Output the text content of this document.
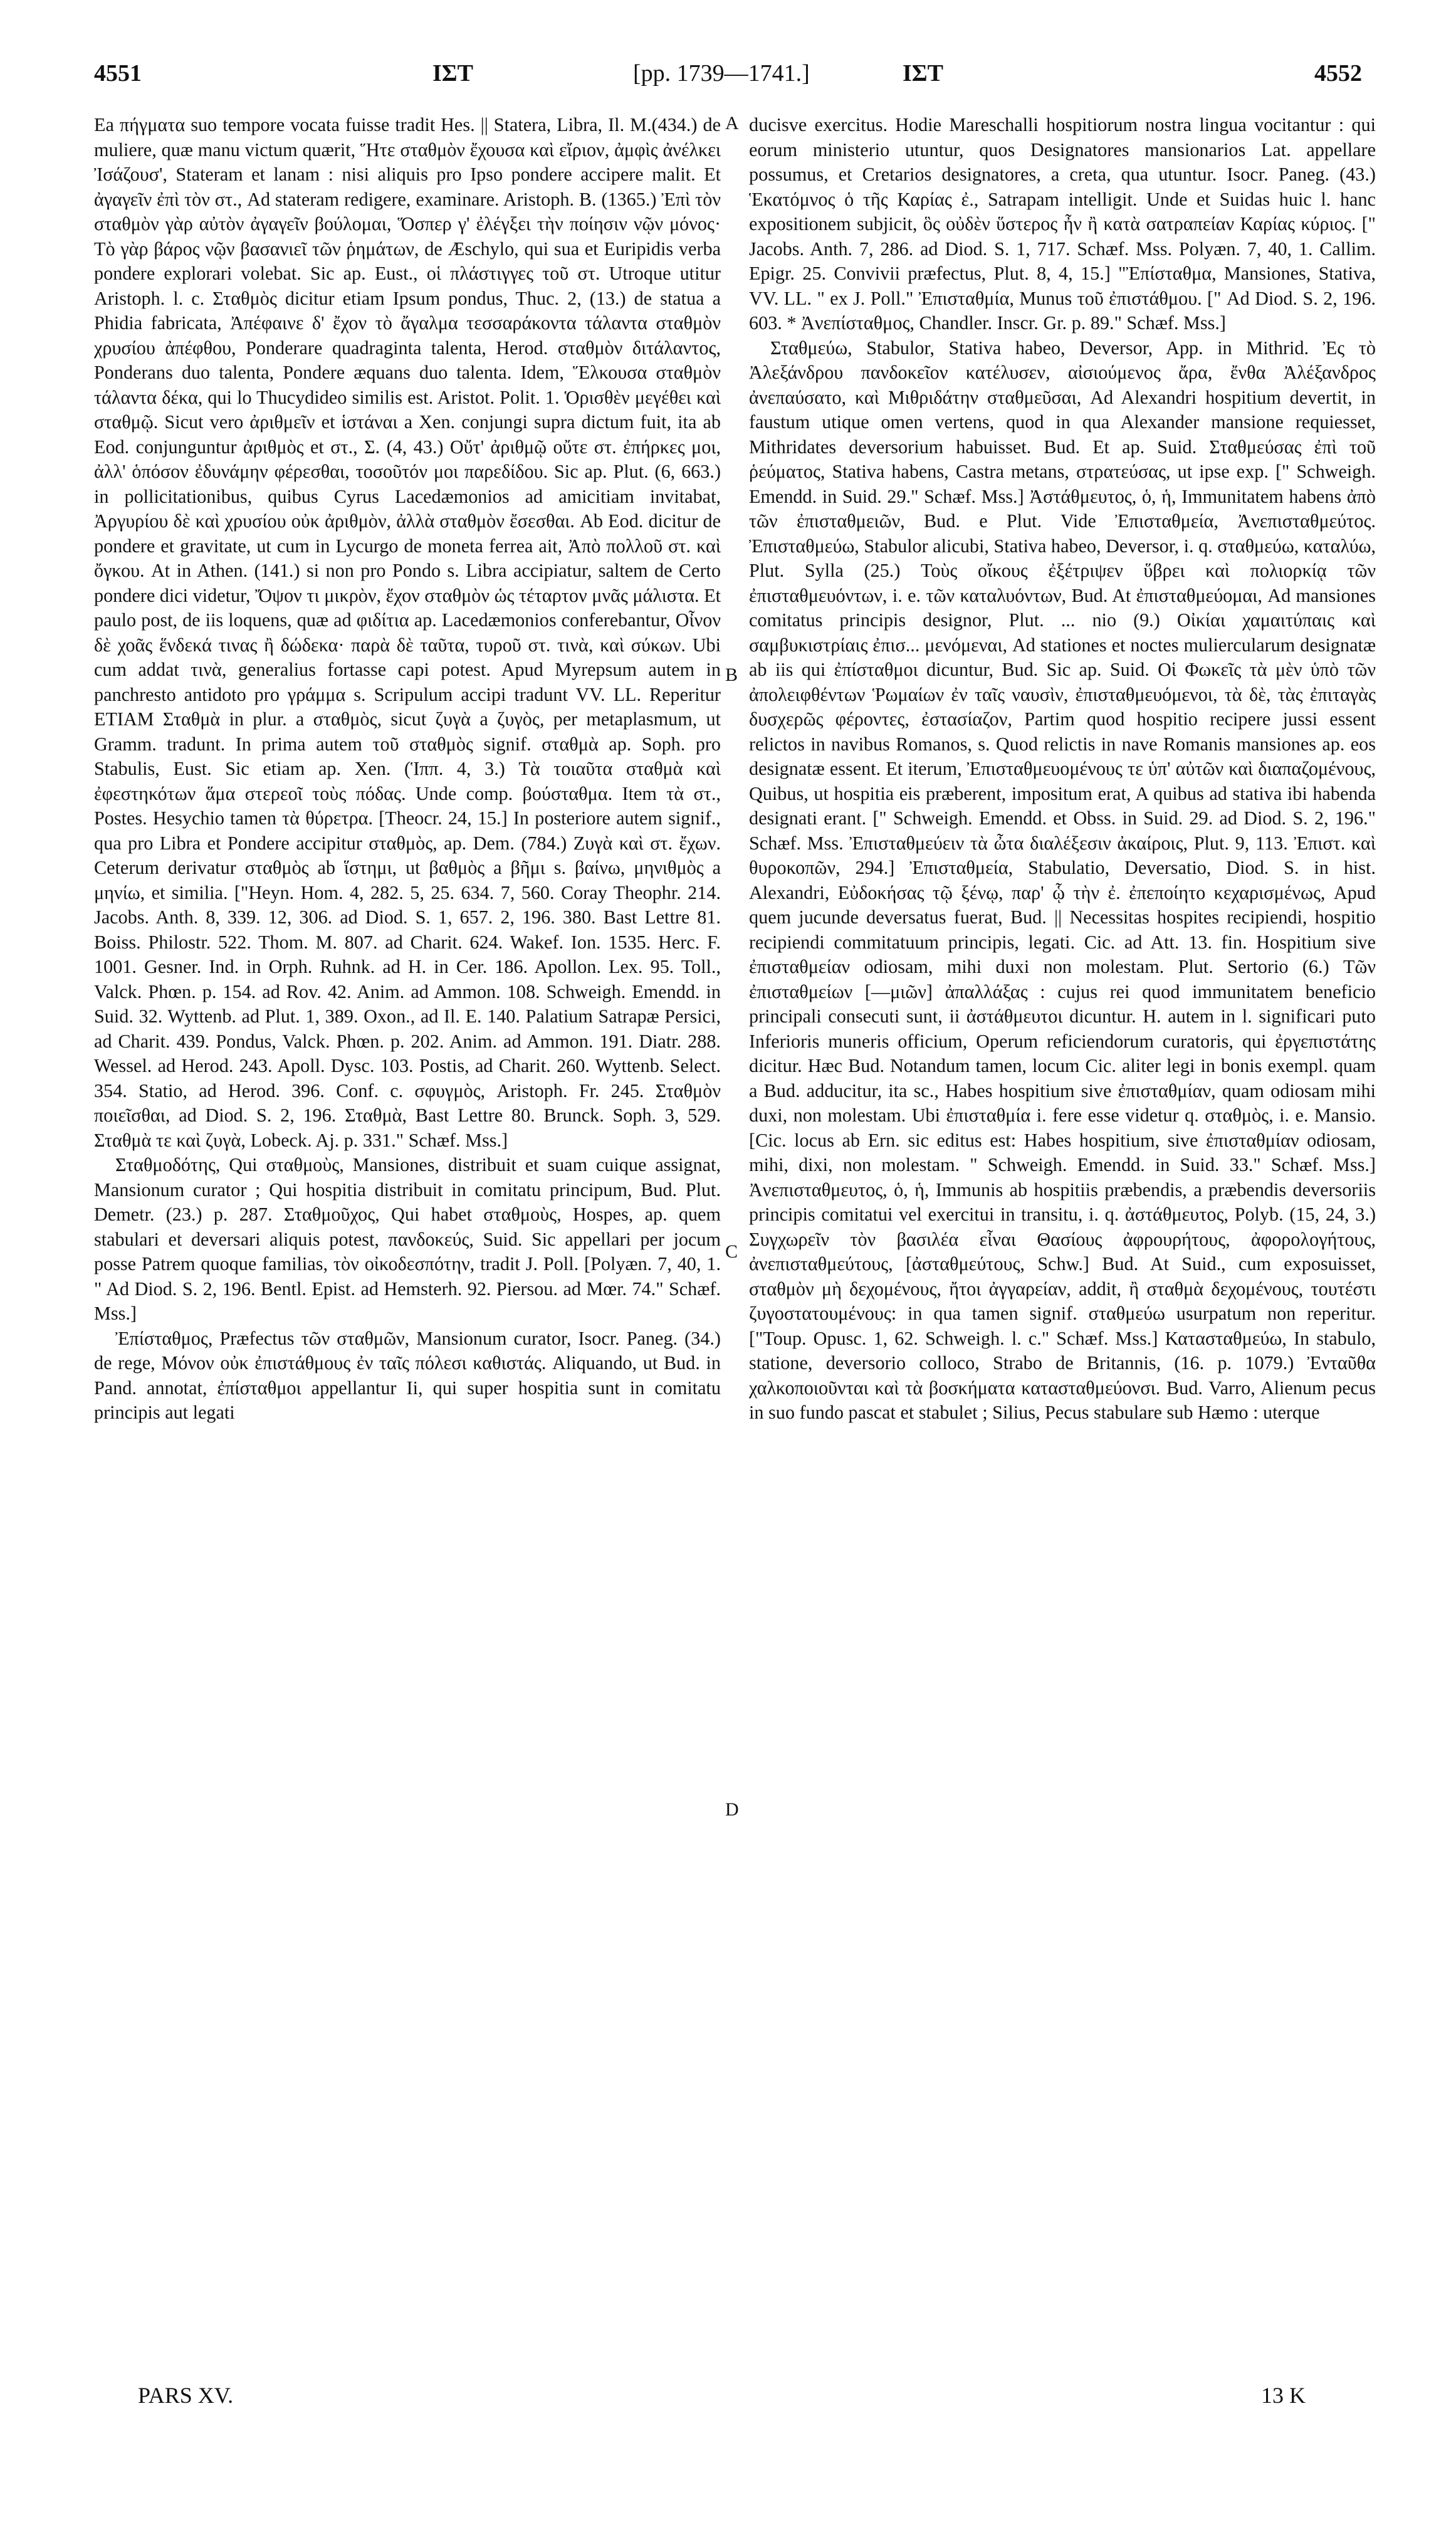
4551	ΙΣΤ	[pp. 1739—1741.]	ΙΣΤ	4552

Ea πήγματα suo tempore vocata fuisse tradit Hes. || Statera, Libra, Il. M.(434.) de muliere, quæ manu victum quærit, Ἥτε σταθμὸν ἔχουσα καὶ εἴριον, ἀμφὶς ἀνέλκει Ἰσάζουσ', Stateram et lanam : nisi aliquis pro Ipso pondere accipere malit. Et ἀγαγεῖν ἐπὶ τὸν στ., Ad stateram redigere, examinare. Aristoph. B. (1365.) Ἐπὶ τὸν σταθμὸν γὰρ αὐτὸν ἀγαγεῖν βούλομαι, Ὅσπερ γ' ἐλέγξει τὴν ποίησιν νῷν μόνος· Τὸ γὰρ βάρος νῷν βασανιεῖ τῶν ῥημάτων, de Æschylo, qui sua et Euripidis verba pondere explorari volebat. Sic ap. Eust., οἱ πλάστιγγες τοῦ στ. Utroque utitur Aristoph. l. c. Σταθμὸς dicitur etiam Ipsum pondus, Thuc. 2, (13.) de statua a Phidia fabricata, Ἀπέφαινε δ' ἔχον τὸ ἄγαλμα τεσσαράκοντα τάλαντα σταθμὸν χρυσίου ἀπέφθου, Ponderare quadraginta talenta, Herod. σταθμὸν διτάλαντος, Ponderans duo talenta, Pondere æquans duo talenta. Idem, Ἕλκουσα σταθμὸν τάλαντα δέκα, qui lo Thucydideo similis est. Aristot. Polit. 1. Ὁρισθὲν μεγέθει καὶ σταθμῷ. Sicut vero ἀριθμεῖν et ἱστάναι a Xen. conjungi supra dictum fuit, ita ab Eod. conjunguntur ἀριθμὸς et στ., Σ. (4, 43.) Οὔτ' ἀριθμῷ οὔτε στ. ἐπήρκες μοι, ἀλλ' ὁπόσον ἐδυνάμην φέρεσθαι, τοσοῦτόν μοι παρεδίδου. Sic ap. Plut. (6, 663.) in pollicitationibus, quibus Cyrus Lacedæmonios ad amicitiam invitabat, Ἀργυρίου δὲ καὶ χρυσίου οὐκ ἀριθμὸν, ἀλλὰ σταθμὸν ἔσεσθαι. Ab Eod. dicitur de pondere et gravitate, ut cum in Lycurgo de moneta ferrea ait, Ἀπὸ πολλοῦ στ. καὶ ὄγκου. At in Athen. (141.) si non pro Pondo s. Libra accipiatur, saltem de Certo pondere dici videtur, Ὄψον τι μικρὸν, ἔχον σταθμὸν ὡς τέταρτον μνᾶς μάλιστα. Et paulo post, de iis loquens, quæ ad φιδίτια ap. Lacedæmonios conferebantur, Οἶνον δὲ χοᾶς ἕνδεκά τινας ἢ δώδεκα· παρὰ δὲ ταῦτα, τυροῦ στ. τινὰ, καὶ σύκων. Ubi cum addat τινὰ, generalius fortasse capi potest. Apud Myrepsum autem in panchresto antidoto pro γράμμα s. Scripulum accipi tradunt VV. LL. Reperitur ETIAM Σταθμὰ in plur. a σταθμὸς, sicut ζυγὰ a ζυγὸς, per metaplasmum, ut Gramm. tradunt. In prima autem τοῦ σταθμὸς signif. σταθμὰ ap. Soph. pro Stabulis, Eust. Sic etiam ap. Xen. (Ἱππ. 4, 3.) Τὰ τοιαῦτα σταθμὰ καὶ ἐφεστηκότων ἅμα στερεοῖ τοὺς πόδας. Unde comp. βούσταθμα. Item τὰ στ., Postes. Hesychio tamen τὰ θύρετρα. [Theocr. 24, 15.] In posteriore autem signif., qua pro Libra et Pondere accipitur σταθμὸς, ap. Dem. (784.) Ζυγὰ καὶ στ. ἔχων. Ceterum derivatur σταθμὸς ab ἵστημι, ut βαθμὸς a βῆμι s. βαίνω, μηνιθμὸς a μηνίω, et similia. ["Heyn. Hom. 4, 282. 5, 25. 634. 7, 560. Coray Theophr. 214. Jacobs. Anth. 8, 339. 12, 306. ad Diod. S. 1, 657. 2, 196. 380. Bast Lettre 81. Boiss. Philostr. 522. Thom. M. 807. ad Charit. 624. Wakef. Ion. 1535. Herc. F. 1001. Gesner. Ind. in Orph. Ruhnk. ad H. in Cer. 186. Apollon. Lex. 95. Toll., Valck. Phœn. p. 154. ad Rov. 42. Anim. ad Ammon. 108. Schweigh. Emendd. in Suid. 32. Wyttenb. ad Plut. 1, 389. Oxon., ad Il. E. 140. Palatium Satrapæ Persici, ad Charit. 439. Pondus, Valck. Phœn. p. 202. Anim. ad Ammon. 191. Diatr. 288. Wessel. ad Herod. 243. Apoll. Dysc. 103. Postis, ad Charit. 260. Wyttenb. Select. 354. Statio, ad Herod. 396. Conf. c. σφυγμὸς, Aristoph. Fr. 245. Σταθμὸν ποιεῖσθαι, ad Diod. S. 2, 196. Σταθμὰ, Bast Lettre 80. Brunck. Soph. 3, 529. Σταθμὰ τε καὶ ζυγὰ, Lobeck. Aj. p. 331." Schæf. Mss.]

Σταθμοδότης, Qui σταθμοὺς, Mansiones, distribuit et suam cuique assignat, Mansionum curator ; Qui hospitia distribuit in comitatu principum, Bud. Plut. Demetr. (23.) p. 287. Σταθμοῦχος, Qui habet σταθμοὺς, Hospes, ap. quem stabulari et deversari aliquis potest, πανδοκεύς, Suid. Sic appellari per jocum posse Patrem quoque familias, τὸν οἰκοδεσπότην, tradit J. Poll. [Polyæn. 7, 40, 1. " Ad Diod. S. 2, 196. Bentl. Epist. ad Hemsterh. 92. Piersou. ad Mœr. 74." Schæf. Mss.]

Ἐπίσταθμος, Præfectus τῶν σταθμῶν, Mansionum curator, Isocr. Paneg. (34.) de rege, Μόνον οὐκ ἐπιστάθμους ἐν ταῖς πόλεσι καθιστάς. Aliquando, ut Bud. in Pand. annotat, ἐπίσταθμοι appellantur Ii, qui super hospitia sunt in comitatu principis aut legati

A
B
C
D

ducisve exercitus. Hodie Mareschalli hospitiorum nostra lingua vocitantur : qui eorum ministerio utuntur, quos Designatores mansionarios Lat. appellare possumus, et Cretarios designatores, a creta, qua utuntur. Isocr. Paneg. (43.) Ἑκατόμνος ὁ τῆς Καρίας ἐ., Satrapam intelligit. Unde et Suidas huic l. hanc expositionem subjicit, ὃς οὐδὲν ὕστερος ἦν ἢ κατὰ σατραπείαν Καρίας κύριος. [" Jacobs. Anth. 7, 286. ad Diod. S. 1, 717. Schæf. Mss. Polyæn. 7, 40, 1. Callim. Epigr. 25. Convivii præfectus, Plut. 8, 4, 15.] "Ἐπίσταθμα, Mansiones, Stativa, VV. LL. " ex J. Poll." Ἐπισταθμία, Munus τοῦ ἐπιστάθμου. [" Ad Diod. S. 2, 196. 603. * Ἀνεπίσταθμος, Chandler. Inscr. Gr. p. 89." Schæf. Mss.]

Σταθμεύω, Stabulor, Stativa habeo, Deversor, App. in Mithrid. Ἐς τὸ Ἀλεξάνδρου πανδοκεῖον κατέλυσεν, αἰσιούμενος ἄρα, ἔνθα Ἀλέξανδρος ἀνεπαύσατο, καὶ Μιθριδάτην σταθμεῦσαι, Ad Alexandri hospitium devertit, in faustum utique omen vertens, quod in qua Alexander mansione requiesset, Mithridates deversorium habuisset. Bud. Et ap. Suid. Σταθμεύσας ἐπὶ τοῦ ῥεύματος, Stativa habens, Castra metans, στρατεύσας, ut ipse exp. [" Schweigh. Emendd. in Suid. 29." Schæf. Mss.] Ἀστάθμευτος, ὁ, ἡ, Immunitatem habens ἀπὸ τῶν ἐπισταθμειῶν, Bud. e Plut. Vide Ἐπισταθμεία, Ἀνεπισταθμεύτος. Ἐπισταθμεύω, Stabulor alicubi, Stativa habeo, Deversor, i. q. σταθμεύω, καταλύω, Plut. Sylla (25.) Τοὺς οἴκους ἐξέτριψεν ὕβρει καὶ πολιορκίᾳ τῶν ἐπισταθμευόντων, i. e. τῶν καταλυόντων, Bud. At ἐπισταθμεύομαι, Ad mansiones comitatus principis designor, Plut. ... nio (9.) Οἰκίαι χαμαιτύπαις καὶ σαμβυκιστρίαις ἐπισ... μενόμεναι, Ad stationes et noctes muliercularum designatæ ab iis qui ἐπίσταθμοι dicuntur, Bud. Sic ap. Suid. Οἱ Φωκεῖς τὰ μὲν ὑπὸ τῶν ἀπολειφθέντων Ῥωμαίων ἐν ταῖς ναυσὶν, ἐπισταθμευόμενοι, τὰ δὲ, τὰς ἐπιταγὰς δυσχερῶς φέροντες, ἐστασίαζον, Partim quod hospitio recipere jussi essent relictos in navibus Romanos, s. Quod relictis in nave Romanis mansiones ap. eos designatæ essent. Et iterum, Ἐπισταθμευομένους τε ὑπ' αὐτῶν καὶ διαπαζομένους, Quibus, ut hospitia eis præberent, impositum erat, A quibus ad stativa ibi habenda designati erant. [" Schweigh. Emendd. et Obss. in Suid. 29. ad Diod. S. 2, 196." Schæf. Mss. Ἐπισταθμεύειν τὰ ὦτα διαλέξεσιν ἀκαίροις, Plut. 9, 113. Ἐπιστ. καὶ θυροκοπῶν, 294.] Ἐπισταθμεία, Stabulatio, Deversatio, Diod. S. in hist. Alexandri, Εὐδοκήσας τῷ ξένῳ, παρ' ᾧ τὴν ἐ. ἐπεποίητο κεχαρισμένως, Apud quem jucunde deversatus fuerat, Bud. || Necessitas hospites recipiendi, hospitio recipiendi commitatuum principis, legati. Cic. ad Att. 13. fin. Hospitium sive ἐπισταθμείαν odiosam, mihi duxi non molestam. Plut. Sertorio (6.) Τῶν ἐπισταθμείων [—μιῶν] ἀπαλλάξας : cujus rei quod immunitatem beneficio principali consecuti sunt, ii ἀστάθμευτοι dicuntur. H. autem in l. significari puto Inferioris muneris officium, Operum reficiendorum curatoris, qui ἐργεπιστάτης dicitur. Hæc Bud. Notandum tamen, locum Cic. aliter legi in bonis exempl. quam a Bud. adducitur, ita sc., Habes hospitium sive ἐπισταθμίαν, quam odiosam mihi duxi, non molestam. Ubi ἐπισταθμία i. fere esse videtur q. σταθμὸς, i. e. Mansio. [Cic. locus ab Ern. sic editus est: Habes hospitium, sive ἐπισταθμίαν odiosam, mihi, dixi, non molestam. " Schweigh. Emendd. in Suid. 33." Schæf. Mss.] Ἀνεπισταθμευτος, ὁ, ἡ, Immunis ab hospitiis præbendis, a præbendis deversoriis principis comitatui vel exercitui in transitu, i. q. ἀστάθμευτος, Polyb. (15, 24, 3.) Συγχωρεῖν τὸν βασιλέα εἶναι Θασίους ἀφρουρήτους, ἀφορολογήτους, ἀνεπισταθμεύτους, [ἀσταθμεύτους, Schw.] Bud. At Suid., cum exposuisset, σταθμὸν μὴ δεχομένους, ἤτοι ἀγγαρείαν, addit, ἢ σταθμὰ δεχομένους, τουτέστι ζυγοστατουμένους: in qua tamen signif. σταθμεύω usurpatum non reperitur. ["Toup. Opusc. 1, 62. Schweigh. l. c." Schæf. Mss.] Κατασταθμεύω, In stabulo, statione, deversorio colloco, Strabo de Britannis, (16. p. 1079.) Ἐνταῦθα χαλκοποιοῦνται καὶ τὰ βοσκήματα κατασταθμεύονσι. Bud. Varro, Alienum pecus in suo fundo pascat et stabulet ; Silius, Pecus stabulare sub Hæmo : uterque

PARS XV.	13 K
